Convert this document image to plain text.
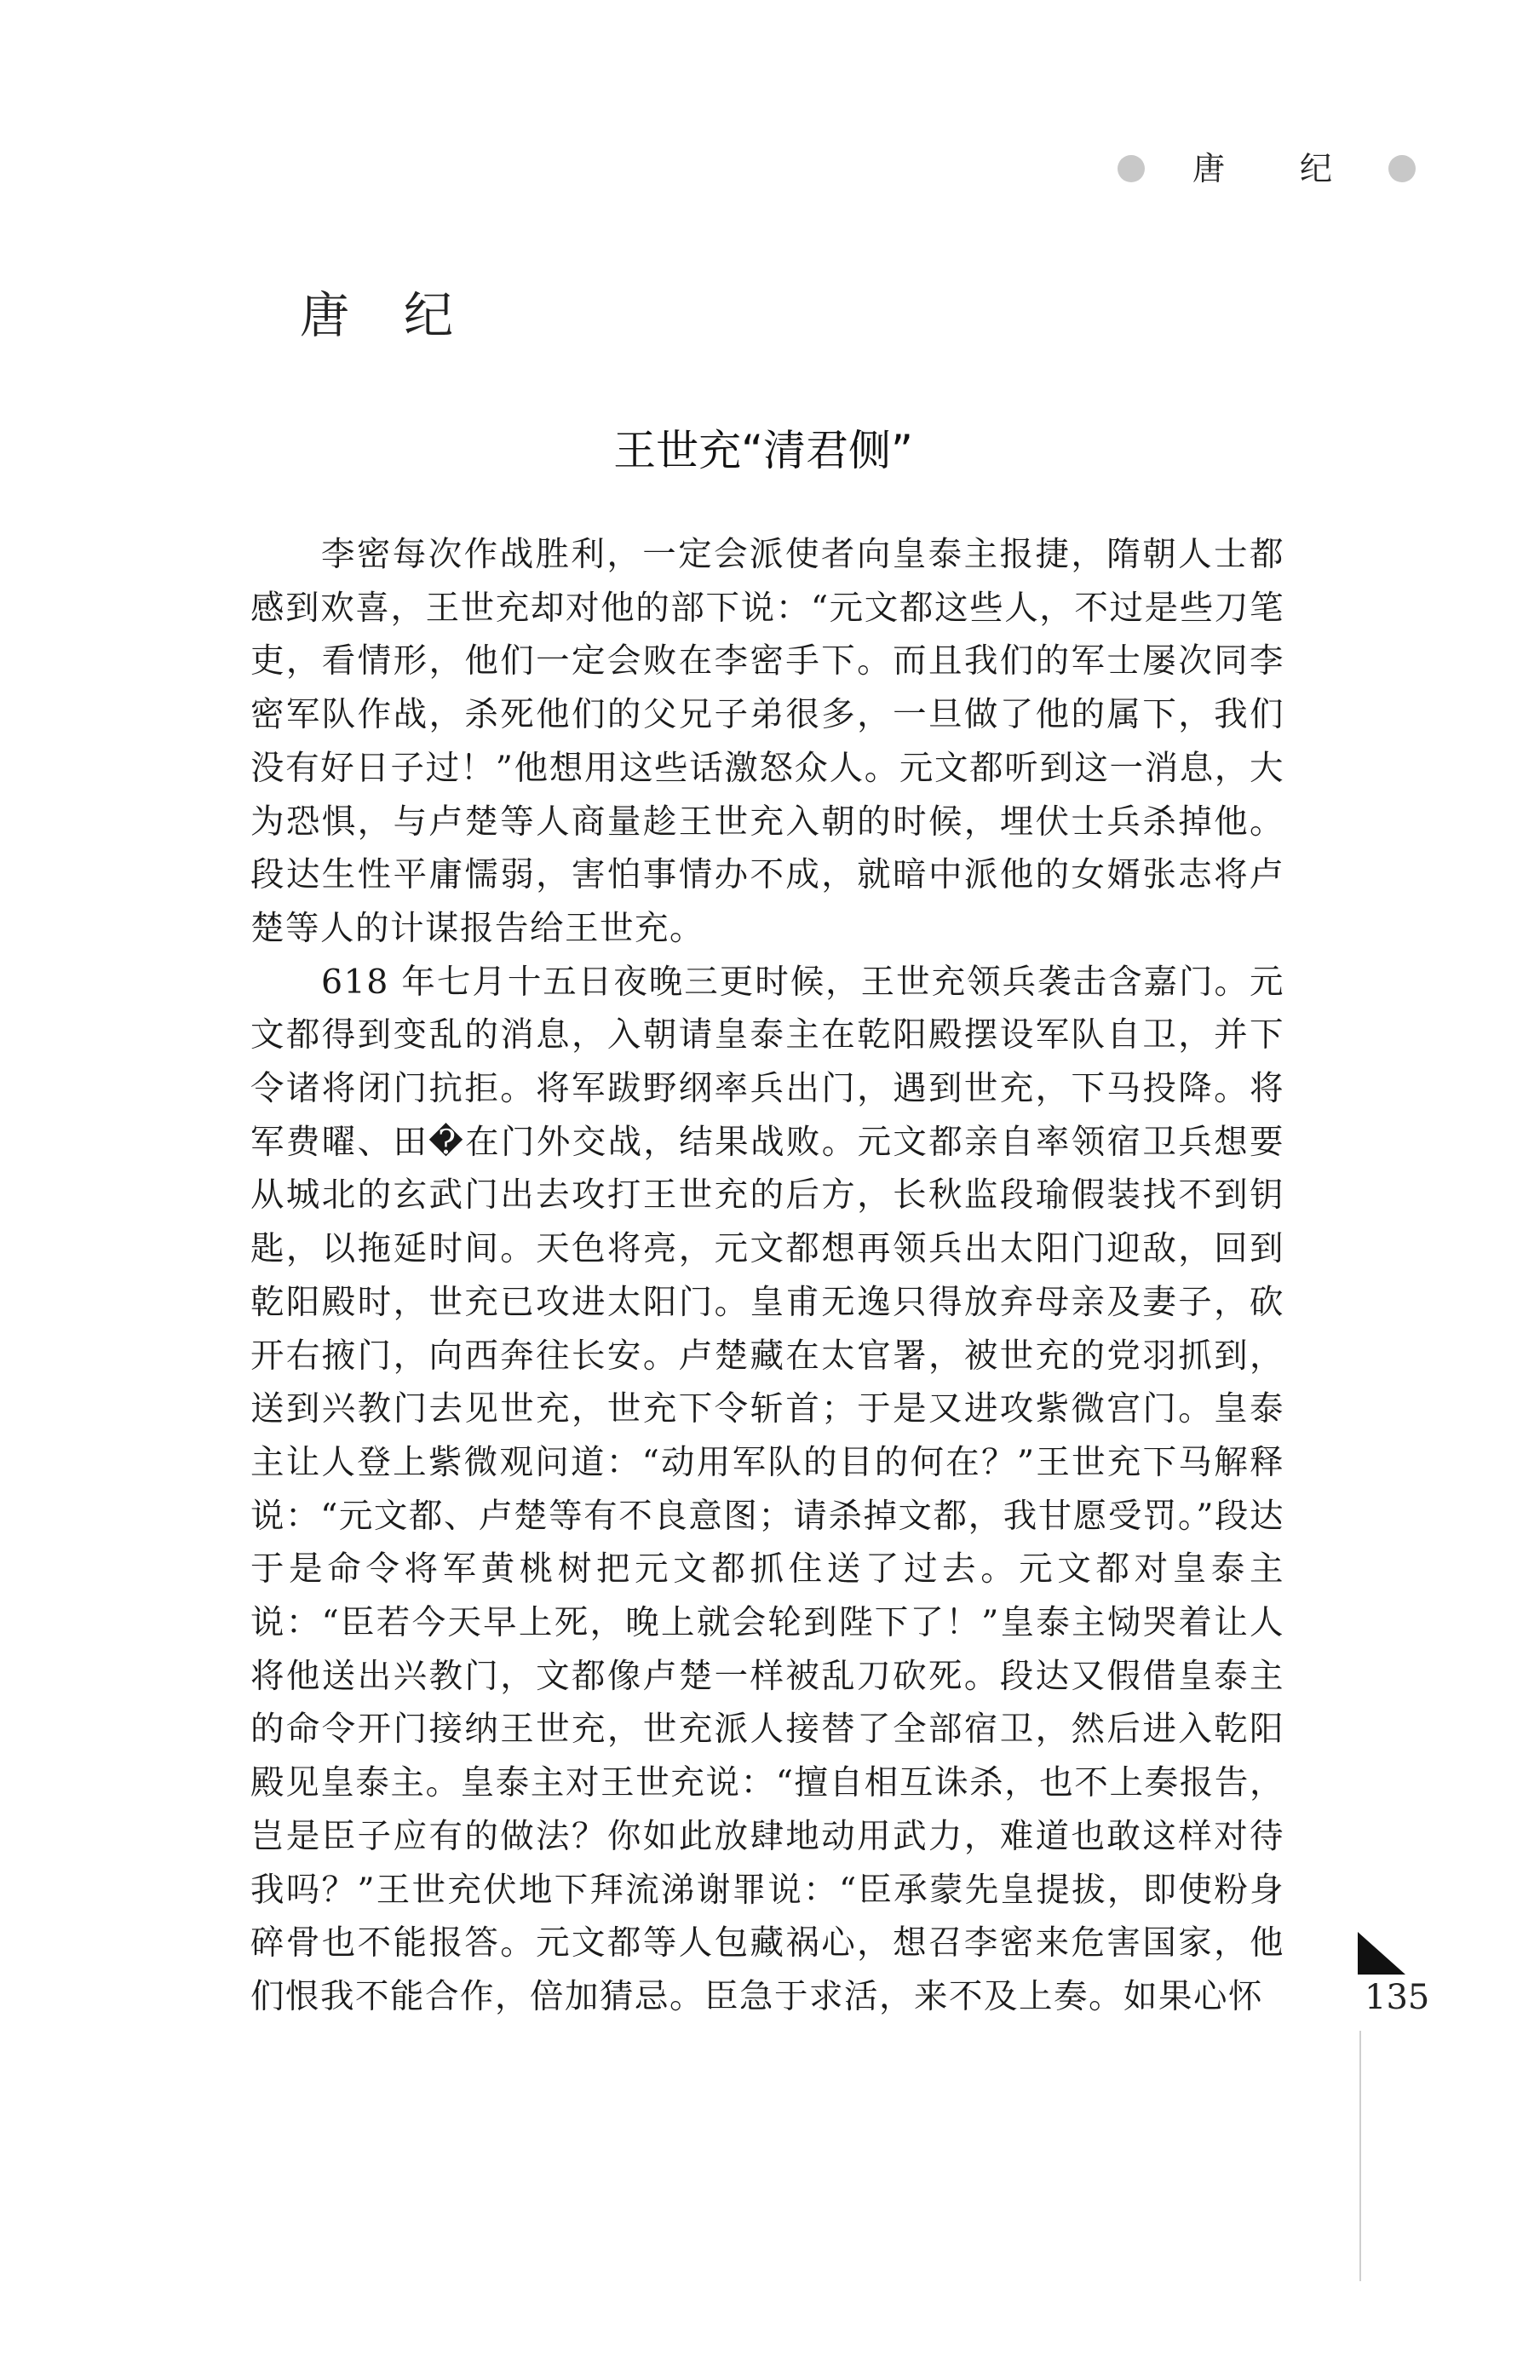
唐 纪
唐纪
王世充“清君侧”

李密每次作战胜利，一定会派使者向皇泰主报捷，隋朝人士都感到欢喜，王世充却对他的部下说：“元文都这些人，不过是些刀笔吏，看情形，他们一定会败在李密手下。而且我们的军士屡次同李密军队作战，杀死他们的父兄子弟很多，一旦做了他的属下，我们没有好日子过！”他想用这些话激怒众人。元文都听到这一消息，大为恐惧，与卢楚等人商量趁王世充入朝的时候，埋伏士兵杀掉他。段达生性平庸懦弱，害怕事情办不成，就暗中派他的女婿张志将卢楚等人的计谋报告给王世充。

618 年七月十五日夜晚三更时候，王世充领兵袭击含嘉门。元文都得到变乱的消息，入朝请皇泰主在乾阳殿摆设军队自卫，并下令诸将闭门抗拒。将军跋野纲率兵出门，遇到世充，下马投降。将军费曜、田�在门外交战，结果战败。元文都亲自率领宿卫兵想要从城北的玄武门出去攻打王世充的后方，长秋监段瑜假装找不到钥匙，以拖延时间。天色将亮，元文都想再领兵出太阳门迎敌，回到乾阳殿时，世充已攻进太阳门。皇甫无逸只得放弃母亲及妻子，砍开右掖门，向西奔往长安。卢楚藏在太官署，被世充的党羽抓到，送到兴教门去见世充，世充下令斩首；于是又进攻紫微宫门。皇泰主让人登上紫微观问道：“动用军队的目的何在？”王世充下马解释说：“元文都、卢楚等有不良意图；请杀掉文都，我甘愿受罚。”段达于是命令将军黄桃树把元文都抓住送了过去。元文都对皇泰主说：“臣若今天早上死，晚上就会轮到陛下了！”皇泰主恸哭着让人将他送出兴教门，文都像卢楚一样被乱刀砍死。段达又假借皇泰主的命令开门接纳王世充，世充派人接替了全部宿卫，然后进入乾阳殿见皇泰主。皇泰主对王世充说：“擅自相互诛杀，也不上奏报告，岂是臣子应有的做法？你如此放肆地动用武力，难道也敢这样对待我吗？”王世充伏地下拜流涕谢罪说：“臣承蒙先皇提拔，即使粉身碎骨也不能报答。元文都等人包藏祸心，想召李密来危害国家，他们恨我不能合作，倍加猜忌。臣急于求活，来不及上奏。如果心怀	135
